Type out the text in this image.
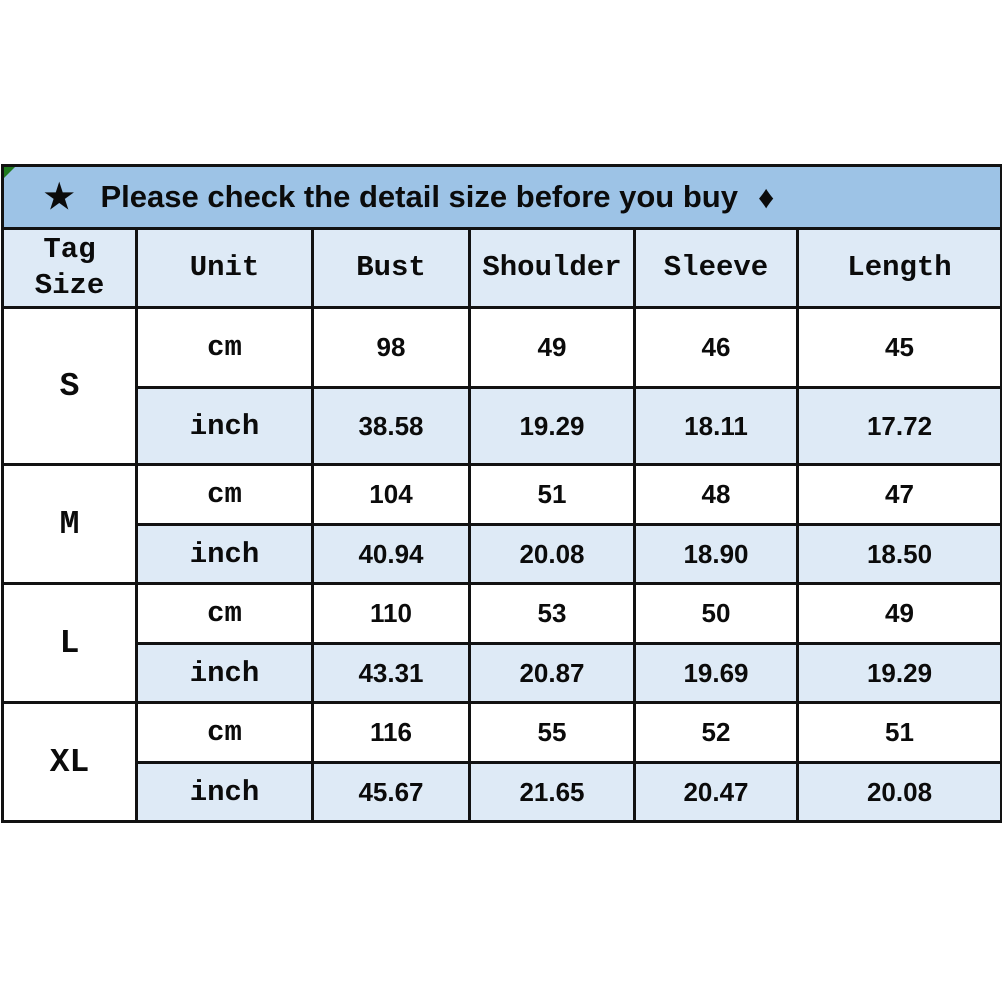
★ Please check the detail size before you buy ♦					

Tag Size	Unit	Bust	Shoulder	Sleeve	Length
S	cm	98	49	46	45
	inch	38.58	19.29	18.11	17.72
M	cm	104	51	48	47
	inch	40.94	20.08	18.90	18.50
L	cm	110	53	50	49
	inch	43.31	20.87	19.69	19.29
XL	cm	116	55	52	51
	inch	45.67	21.65	20.47	20.08
